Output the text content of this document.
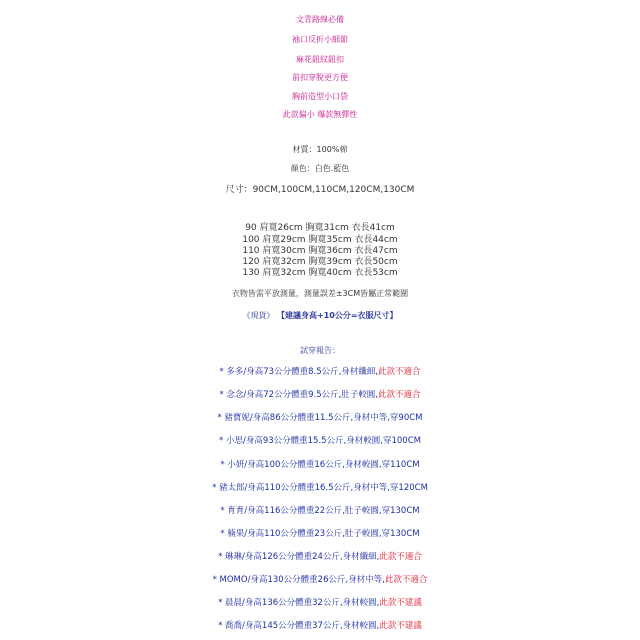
文青路線必備
袖口反折小細節
麻花鈕紋鈕扣
前扣穿脫更方便
胸前造型小口袋
此款偏小 爆款無彈性
材質：100%棉
顏色：白色.藍色
尺寸：90CM,100CM,110CM,120CM,130CM
90 肩寬26cm 胸寬31cm 衣長41cm
100 肩寬29cm 胸寬35cm 衣長44cm
110 肩寬30cm 胸寬36cm 衣長47cm
120 肩寬32cm 胸寬39cm 衣長50cm
130 肩寬32cm 胸寬40cm 衣長53cm
衣物皆需平放測量，測量誤差±3CM皆屬正常範圍
《現貨》 【建議身高+10公分=衣服尺寸】
試穿報告：
* 多多/身高73公分體重8.5公斤,身材纖細,此款不適合
* 念念/身高72公分體重9.5公斤,肚子較圓,此款不適合
* 豬寶妮/身高86公分體重11.5公斤,身材中等,穿90CM
* 小思/身高93公分體重15.5公斤,身材較圓,穿100CM
* 小妍/身高100公分體重16公斤,身材較圓,穿110CM
* 豬太郎/身高110公分體重16.5公斤,身材中等,穿120CM
* 育育/身高116公分體重22公斤,肚子較圓,穿130CM
* 楠果/身高110公分體重23公斤,肚子較圓,穿130CM
* 琳琳/身高126公分體重24公斤,身材纖細,此款不適合
* MOMO/身高130公分體重26公斤,身材中等,此款不適合
* 晨晨/身高136公分體重32公斤,身材較圓,此款不建議
* 喬喬/身高145公分體重37公斤,身材較圓,此款不建議
